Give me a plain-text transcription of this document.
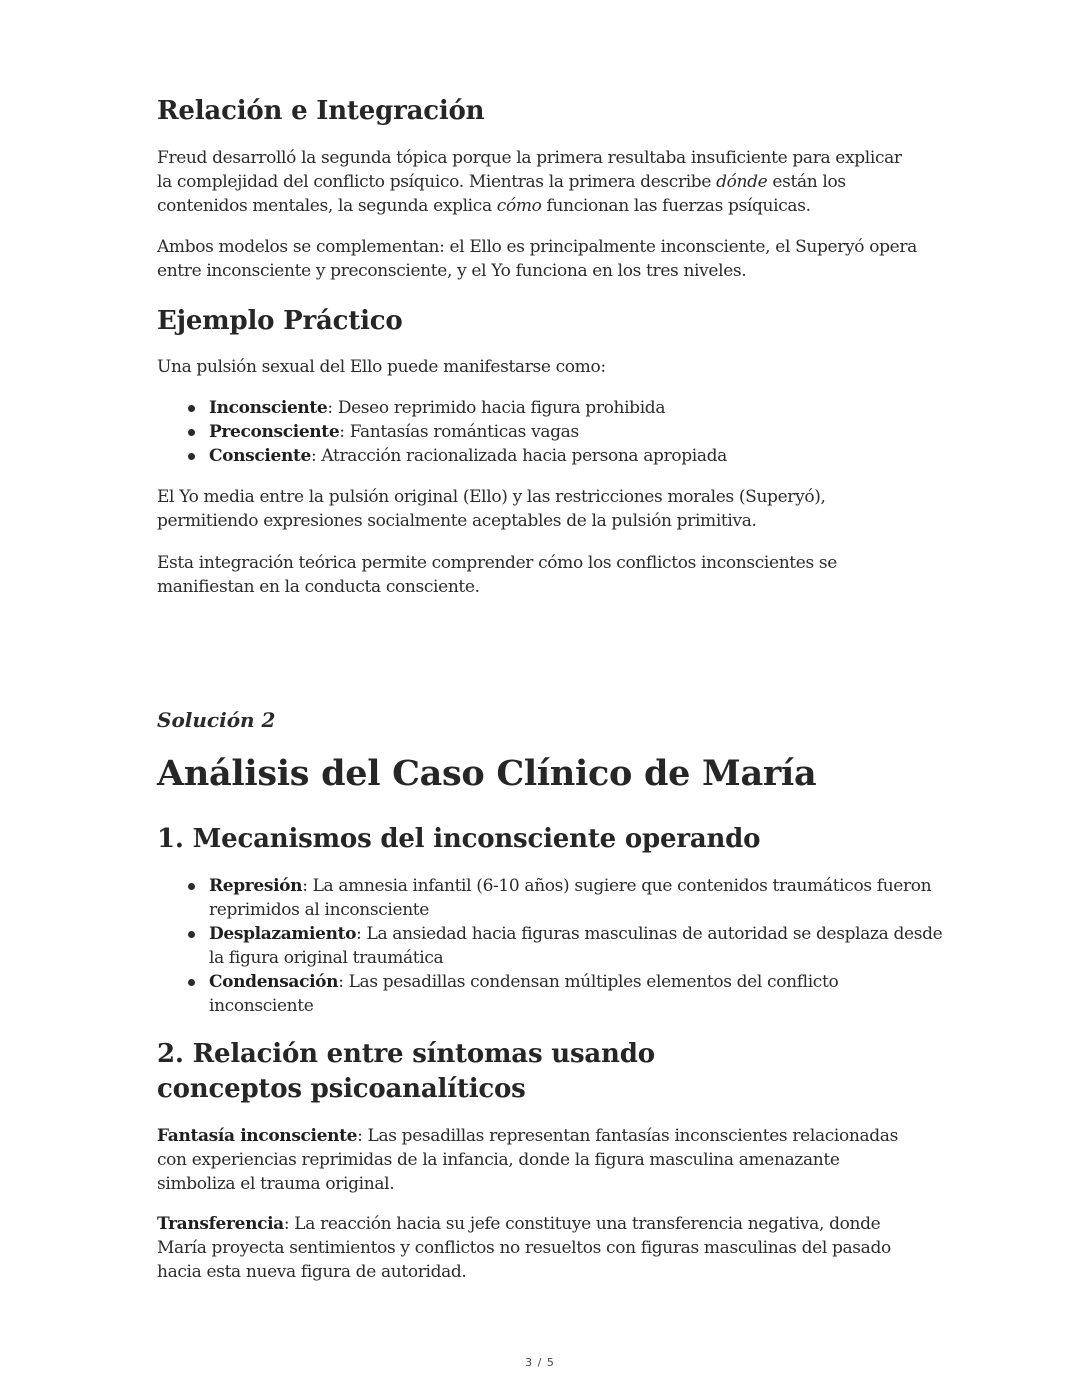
Relación e Integración

Freud desarrolló la segunda tópica porque la primera resultaba insuficiente para explicar la complejidad del conflicto psíquico. Mientras la primera describe dónde están los contenidos mentales, la segunda explica cómo funcionan las fuerzas psíquicas.

Ambos modelos se complementan: el Ello es principalmente inconsciente, el Superyó opera entre inconsciente y preconsciente, y el Yo funciona en los tres niveles.

Ejemplo Práctico

Una pulsión sexual del Ello puede manifestarse como:

Inconsciente: Deseo reprimido hacia figura prohibida
Preconsciente: Fantasías románticas vagas
Consciente: Atracción racionalizada hacia persona apropiada

El Yo media entre la pulsión original (Ello) y las restricciones morales (Superyó), permitiendo expresiones socialmente aceptables de la pulsión primitiva.

Esta integración teórica permite comprender cómo los conflictos inconscientes se manifiestan en la conducta consciente.

Solución 2

Análisis del Caso Clínico de María
1. Mecanismos del inconsciente operando
Represión: La amnesia infantil (6-10 años) sugiere que contenidos traumáticos fueron reprimidos al inconsciente
Desplazamiento: La ansiedad hacia figuras masculinas de autoridad se desplaza desde la figura original traumática
Condensación: Las pesadillas condensan múltiples elementos del conflicto inconsciente
2. Relación entre síntomas usando conceptos psicoanalíticos

Fantasía inconsciente: Las pesadillas representan fantasías inconscientes relacionadas con experiencias reprimidas de la infancia, donde la figura masculina amenazante simboliza el trauma original.

Transferencia: La reacción hacia su jefe constituye una transferencia negativa, donde María proyecta sentimientos y conflictos no resueltos con figuras masculinas del pasado hacia esta nueva figura de autoridad.

3 / 5
